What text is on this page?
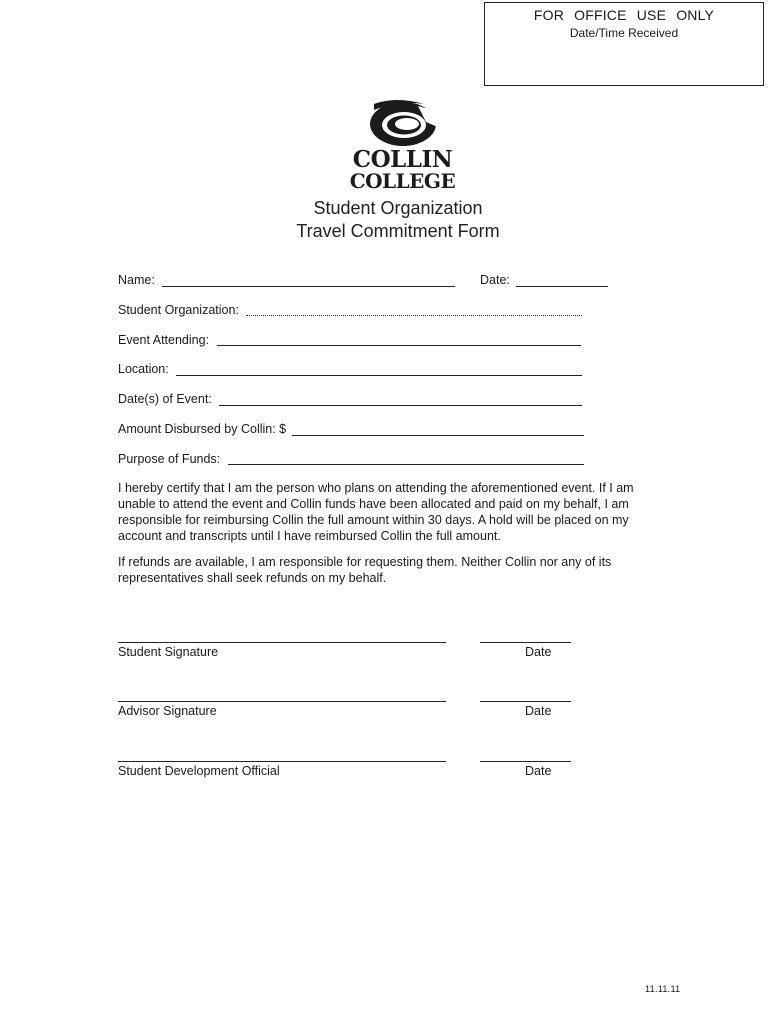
FOR OFFICE USE ONLY
Date/Time Received
COLLIN
COLLEGE
Student Organization
Travel Commitment Form
Name:	Date:
Student Organization:
Event Attending:
Location:
Date(s) of Event:
Amount Disbursed by Collin: $
Purpose of Funds:

I hereby certify that I am the person who plans on attending the aforementioned event. If I am unable to attend the event and Collin funds have been allocated and paid on my behalf, I am responsible for reimbursing Collin the full amount within 30 days. A hold will be placed on my account and transcripts until I have reimbursed Collin the full amount.

If refunds are available, I am responsible for requesting them. Neither Collin nor any of its representatives shall seek refunds on my behalf.

Student Signature	Date
Advisor Signature	Date
Student Development Official	Date
11.11.11
